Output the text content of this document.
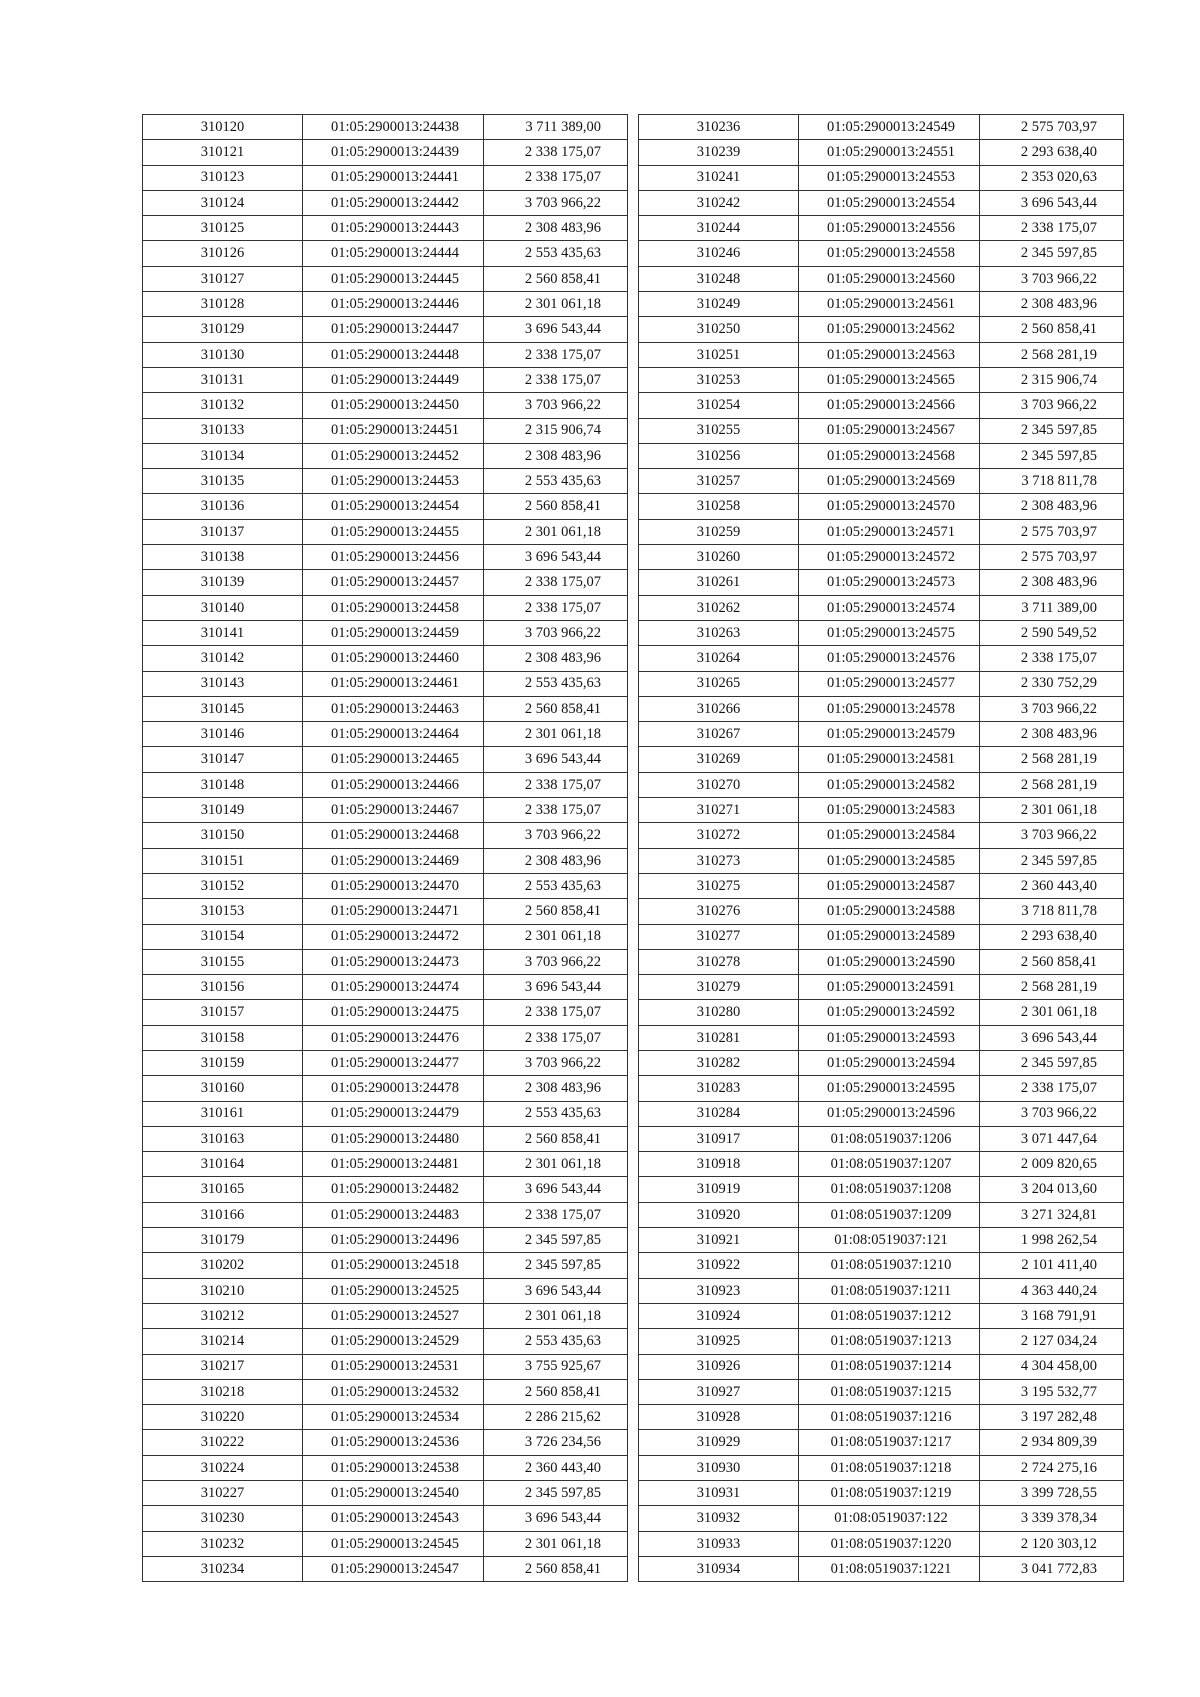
310120	01:05:2900013:24438	3 711 389,00
310121	01:05:2900013:24439	2 338 175,07
310123	01:05:2900013:24441	2 338 175,07
310124	01:05:2900013:24442	3 703 966,22
310125	01:05:2900013:24443	2 308 483,96
310126	01:05:2900013:24444	2 553 435,63
310127	01:05:2900013:24445	2 560 858,41
310128	01:05:2900013:24446	2 301 061,18
310129	01:05:2900013:24447	3 696 543,44
310130	01:05:2900013:24448	2 338 175,07
310131	01:05:2900013:24449	2 338 175,07
310132	01:05:2900013:24450	3 703 966,22
310133	01:05:2900013:24451	2 315 906,74
310134	01:05:2900013:24452	2 308 483,96
310135	01:05:2900013:24453	2 553 435,63
310136	01:05:2900013:24454	2 560 858,41
310137	01:05:2900013:24455	2 301 061,18
310138	01:05:2900013:24456	3 696 543,44
310139	01:05:2900013:24457	2 338 175,07
310140	01:05:2900013:24458	2 338 175,07
310141	01:05:2900013:24459	3 703 966,22
310142	01:05:2900013:24460	2 308 483,96
310143	01:05:2900013:24461	2 553 435,63
310145	01:05:2900013:24463	2 560 858,41
310146	01:05:2900013:24464	2 301 061,18
310147	01:05:2900013:24465	3 696 543,44
310148	01:05:2900013:24466	2 338 175,07
310149	01:05:2900013:24467	2 338 175,07
310150	01:05:2900013:24468	3 703 966,22
310151	01:05:2900013:24469	2 308 483,96
310152	01:05:2900013:24470	2 553 435,63
310153	01:05:2900013:24471	2 560 858,41
310154	01:05:2900013:24472	2 301 061,18
310155	01:05:2900013:24473	3 703 966,22
310156	01:05:2900013:24474	3 696 543,44
310157	01:05:2900013:24475	2 338 175,07
310158	01:05:2900013:24476	2 338 175,07
310159	01:05:2900013:24477	3 703 966,22
310160	01:05:2900013:24478	2 308 483,96
310161	01:05:2900013:24479	2 553 435,63
310163	01:05:2900013:24480	2 560 858,41
310164	01:05:2900013:24481	2 301 061,18
310165	01:05:2900013:24482	3 696 543,44
310166	01:05:2900013:24483	2 338 175,07
310179	01:05:2900013:24496	2 345 597,85
310202	01:05:2900013:24518	2 345 597,85
310210	01:05:2900013:24525	3 696 543,44
310212	01:05:2900013:24527	2 301 061,18
310214	01:05:2900013:24529	2 553 435,63
310217	01:05:2900013:24531	3 755 925,67
310218	01:05:2900013:24532	2 560 858,41
310220	01:05:2900013:24534	2 286 215,62
310222	01:05:2900013:24536	3 726 234,56
310224	01:05:2900013:24538	2 360 443,40
310227	01:05:2900013:24540	2 345 597,85
310230	01:05:2900013:24543	3 696 543,44
310232	01:05:2900013:24545	2 301 061,18
310234	01:05:2900013:24547	2 560 858,41
310236	01:05:2900013:24549	2 575 703,97
310239	01:05:2900013:24551	2 293 638,40
310241	01:05:2900013:24553	2 353 020,63
310242	01:05:2900013:24554	3 696 543,44
310244	01:05:2900013:24556	2 338 175,07
310246	01:05:2900013:24558	2 345 597,85
310248	01:05:2900013:24560	3 703 966,22
310249	01:05:2900013:24561	2 308 483,96
310250	01:05:2900013:24562	2 560 858,41
310251	01:05:2900013:24563	2 568 281,19
310253	01:05:2900013:24565	2 315 906,74
310254	01:05:2900013:24566	3 703 966,22
310255	01:05:2900013:24567	2 345 597,85
310256	01:05:2900013:24568	2 345 597,85
310257	01:05:2900013:24569	3 718 811,78
310258	01:05:2900013:24570	2 308 483,96
310259	01:05:2900013:24571	2 575 703,97
310260	01:05:2900013:24572	2 575 703,97
310261	01:05:2900013:24573	2 308 483,96
310262	01:05:2900013:24574	3 711 389,00
310263	01:05:2900013:24575	2 590 549,52
310264	01:05:2900013:24576	2 338 175,07
310265	01:05:2900013:24577	2 330 752,29
310266	01:05:2900013:24578	3 703 966,22
310267	01:05:2900013:24579	2 308 483,96
310269	01:05:2900013:24581	2 568 281,19
310270	01:05:2900013:24582	2 568 281,19
310271	01:05:2900013:24583	2 301 061,18
310272	01:05:2900013:24584	3 703 966,22
310273	01:05:2900013:24585	2 345 597,85
310275	01:05:2900013:24587	2 360 443,40
310276	01:05:2900013:24588	3 718 811,78
310277	01:05:2900013:24589	2 293 638,40
310278	01:05:2900013:24590	2 560 858,41
310279	01:05:2900013:24591	2 568 281,19
310280	01:05:2900013:24592	2 301 061,18
310281	01:05:2900013:24593	3 696 543,44
310282	01:05:2900013:24594	2 345 597,85
310283	01:05:2900013:24595	2 338 175,07
310284	01:05:2900013:24596	3 703 966,22
310917	01:08:0519037:1206	3 071 447,64
310918	01:08:0519037:1207	2 009 820,65
310919	01:08:0519037:1208	3 204 013,60
310920	01:08:0519037:1209	3 271 324,81
310921	01:08:0519037:121	1 998 262,54
310922	01:08:0519037:1210	2 101 411,40
310923	01:08:0519037:1211	4 363 440,24
310924	01:08:0519037:1212	3 168 791,91
310925	01:08:0519037:1213	2 127 034,24
310926	01:08:0519037:1214	4 304 458,00
310927	01:08:0519037:1215	3 195 532,77
310928	01:08:0519037:1216	3 197 282,48
310929	01:08:0519037:1217	2 934 809,39
310930	01:08:0519037:1218	2 724 275,16
310931	01:08:0519037:1219	3 399 728,55
310932	01:08:0519037:122	3 339 378,34
310933	01:08:0519037:1220	2 120 303,12
310934	01:08:0519037:1221	3 041 772,83
